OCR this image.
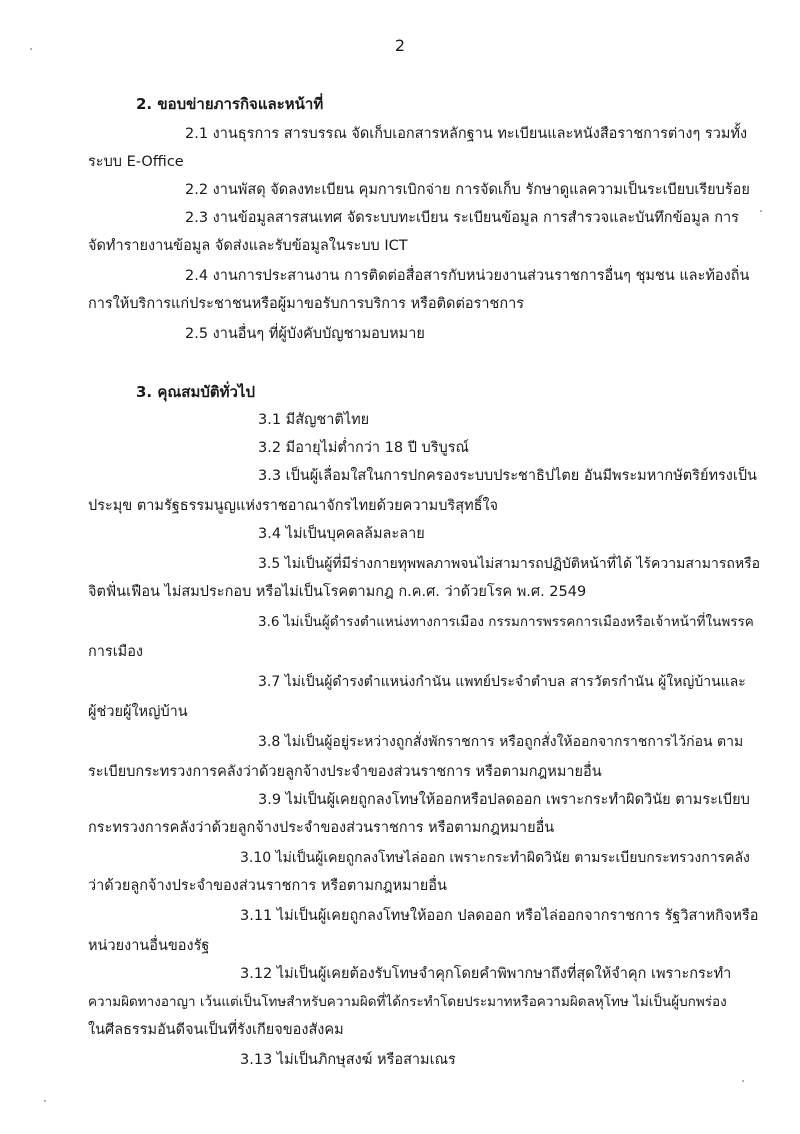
2
2. ขอบข่ายภารกิจและหน้าที่
2.1 งานธุรการ สารบรรณ จัดเก็บเอกสารหลักฐาน ทะเบียนและหนังสือราชการต่างๆ รวมทั้ง
ระบบ E-Office
2.2 งานพัสดุ จัดลงทะเบียน คุมการเบิกจ่าย การจัดเก็บ รักษาดูแลความเป็นระเบียบเรียบร้อย
2.3 งานข้อมูลสารสนเทศ จัดระบบทะเบียน ระเบียนข้อมูล การสำรวจและบันทึกข้อมูล การ
จัดทำรายงานข้อมูล จัดส่งและรับข้อมูลในระบบ ICT
2.4 งานการประสานงาน การติดต่อสื่อสารกับหน่วยงานส่วนราชการอื่นๆ ชุมชน และท้องถิ่น
การให้บริการแก่ประชาชนหรือผู้มาขอรับการบริการ หรือติดต่อราชการ
2.5 งานอื่นๆ ที่ผู้บังคับบัญชามอบหมาย
3. คุณสมบัติทั่วไป
3.1 มีสัญชาติไทย
3.2 มีอายุไม่ต่ำกว่า 18 ปี บริบูรณ์
3.3 เป็นผู้เลื่อมใสในการปกครองระบบประชาธิปไตย อันมีพระมหากษัตริย์ทรงเป็น
ประมุข ตามรัฐธรรมนูญแห่งราชอาณาจักรไทยด้วยความบริสุทธิ์ใจ
3.4 ไม่เป็นบุคคลล้มละลาย
3.5 ไม่เป็นผู้ที่มีร่างกายทุพพลภาพจนไม่สามารถปฏิบัติหน้าที่ได้ ไร้ความสามารถหรือ
จิตฟั่นเฟือน ไม่สมประกอบ หรือไม่เป็นโรคตามกฎ ก.ค.ศ. ว่าด้วยโรค พ.ศ. 2549
3.6 ไม่เป็นผู้ดำรงตำแหน่งทางการเมือง กรรมการพรรคการเมืองหรือเจ้าหน้าที่ในพรรค
การเมือง
3.7 ไม่เป็นผู้ดำรงตำแหน่งกำนัน แพทย์ประจำตำบล สารวัตรกำนัน ผู้ใหญ่บ้านและ
ผู้ช่วยผู้ใหญ่บ้าน
3.8 ไม่เป็นผู้อยู่ระหว่างถูกสั่งพักราชการ หรือถูกสั่งให้ออกจากราชการไว้ก่อน ตาม
ระเบียบกระทรวงการคลังว่าด้วยลูกจ้างประจำของส่วนราชการ หรือตามกฎหมายอื่น
3.9 ไม่เป็นผู้เคยถูกลงโทษให้ออกหรือปลดออก เพราะกระทำผิดวินัย ตามระเบียบ
กระทรวงการคลังว่าด้วยลูกจ้างประจำของส่วนราชการ หรือตามกฎหมายอื่น
3.10 ไม่เป็นผู้เคยถูกลงโทษไล่ออก เพราะกระทำผิดวินัย ตามระเบียบกระทรวงการคลัง
ว่าด้วยลูกจ้างประจำของส่วนราชการ หรือตามกฎหมายอื่น
3.11 ไม่เป็นผู้เคยถูกลงโทษให้ออก ปลดออก หรือไล่ออกจากราชการ รัฐวิสาหกิจหรือ
หน่วยงานอื่นของรัฐ
3.12 ไม่เป็นผู้เคยต้องรับโทษจำคุกโดยคำพิพากษาถึงที่สุดให้จำคุก เพราะกระทำ
ความผิดทางอาญา เว้นแต่เป็นโทษสำหรับความผิดที่ได้กระทำโดยประมาทหรือความผิดลหุโทษ ไม่เป็นผู้บกพร่อง
ในศีลธรรมอันดีจนเป็นที่รังเกียจของสังคม
3.13 ไม่เป็นภิกษุสงฆ์ หรือสามเณร
